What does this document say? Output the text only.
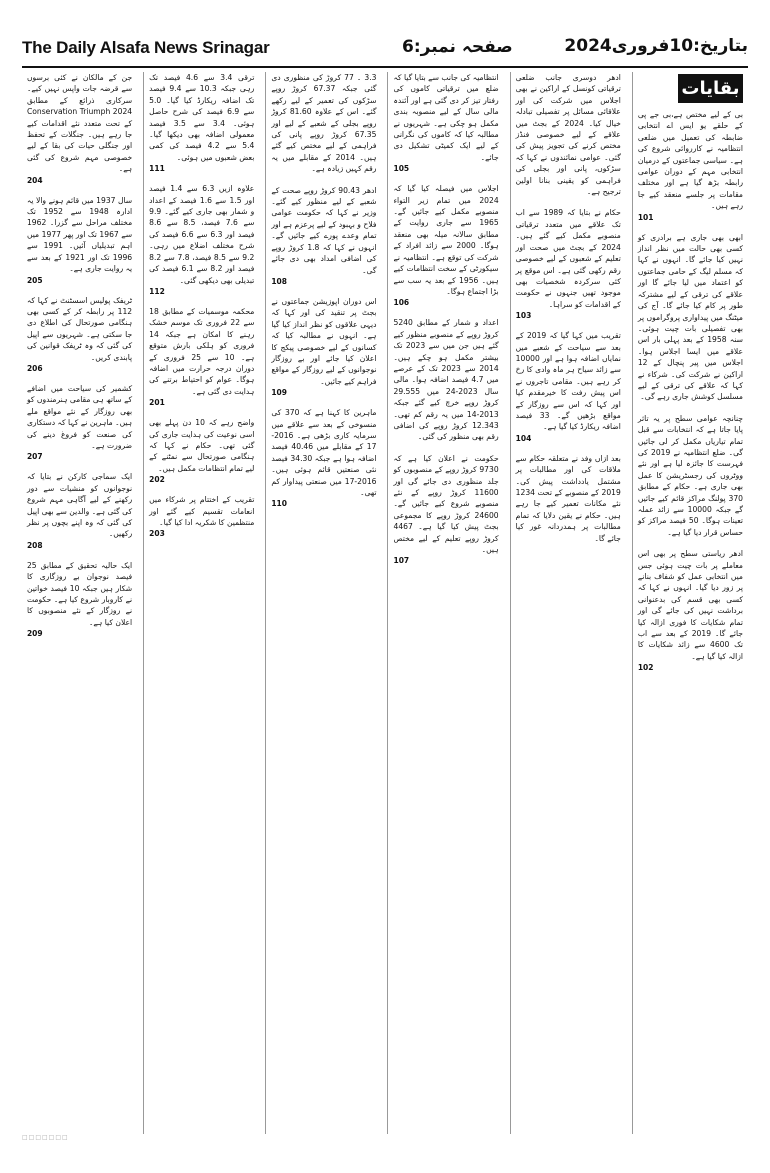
The Daily Alsafa News Srinagar	صفحہ نمبر:6	بتاریخ:10فروری2024
بقایات
بی کے لیے مختص ہے،بی جے پی کے حلقے یو ایس اے انتخابی ضابطہ کی تعمیل میں ضلعی انتظامیہ نے کارروائی شروع کی ہے۔ سیاسی جماعتوں کے درمیان انتخابی مہم کے دوران عوامی رابطہ بڑھ گیا ہے اور مختلف مقامات پر جلسے منعقد کیے جا رہے ہیں۔
101
ابھی بھی جاری ہے برادری کو کسی بھی حالت میں نظر انداز نہیں کیا جائے گا۔ انہوں نے کہا کہ مسلم لیگ کے حامی جماعتوں کو اعتماد میں لیا جائے گا اور علاقے کی ترقی کے لیے مشترکہ طور پر کام کیا جائے گا۔ آج کی میٹنگ میں پیداواری پروگراموں پر بھی تفصیلی بات چیت ہوئی۔ سنہ 1958 کے بعد پہلی بار اس علاقے میں ایسا اجلاس ہوا۔ اجلاس میں پیر پنچال کے 12 اراکین نے شرکت کی۔ شرکاء نے کہا کہ علاقے کی ترقی کے لیے مسلسل کوشش جاری رہے گی۔
چنانچہ عوامی سطح پر یہ تاثر پایا جاتا ہے کہ انتخابات سے قبل تمام تیاریاں مکمل کر لی جائیں گی۔ ضلع انتظامیہ نے 2019 کی فہرست کا جائزہ لیا ہے اور نئے ووٹروں کی رجسٹریشن کا عمل بھی جاری ہے۔ حکام کے مطابق 370 پولنگ مراکز قائم کیے جائیں گے جبکہ 10000 سے زائد عملہ تعینات ہوگا۔ 50 فیصد مراکز کو حساس قرار دیا گیا ہے۔
ادھر ریاستی سطح پر بھی اس معاملے پر بات چیت ہوئی جس میں انتخابی عمل کو شفاف بنانے پر زور دیا گیا۔ انہوں نے کہا کہ کسی بھی قسم کی بدعنوانی برداشت نہیں کی جائے گی اور تمام شکایات کا فوری ازالہ کیا جائے گا۔ 2019 کے بعد سے اب تک 4600 سے زائد شکایات کا ازالہ کیا گیا ہے۔
102
ادھر دوسری جانب ضلعی ترقیاتی کونسل کے اراکین نے بھی اجلاس میں شرکت کی اور علاقائی مسائل پر تفصیلی تبادلہ خیال کیا۔ 2024 کے بجٹ میں علاقے کے لیے خصوصی فنڈز مختص کرنے کی تجویز پیش کی گئی۔ عوامی نمائندوں نے کہا کہ سڑکوں، پانی اور بجلی کی فراہمی کو یقینی بنانا اولین ترجیح ہے۔
حکام نے بتایا کہ 1989 سے اب تک علاقے میں متعدد ترقیاتی منصوبے مکمل کیے گئے ہیں۔ 2024 کے بجٹ میں صحت اور تعلیم کے شعبوں کے لیے خصوصی رقم رکھی گئی ہے۔ اس موقع پر کئی سرکردہ شخصیات بھی موجود تھیں جنہوں نے حکومت کے اقدامات کو سراہا۔
103
تقریب میں کہا گیا کہ 2019 کے بعد سے سیاحت کے شعبے میں نمایاں اضافہ ہوا ہے اور 10000 سے زائد سیاح ہر ماہ وادی کا رخ کر رہے ہیں۔ مقامی تاجروں نے اس پیش رفت کا خیرمقدم کیا اور کہا کہ اس سے روزگار کے مواقع بڑھیں گے۔ 33 فیصد اضافہ ریکارڈ کیا گیا ہے۔
104
بعد ازاں وفد نے متعلقہ حکام سے ملاقات کی اور مطالبات پر مشتمل یادداشت پیش کی۔ 2019 کے منصوبے کے تحت 1234 نئے مکانات تعمیر کیے جا رہے ہیں۔ حکام نے یقین دلایا کہ تمام مطالبات پر ہمدردانہ غور کیا جائے گا۔
انتظامیہ کی جانب سے بتایا گیا کہ ضلع میں ترقیاتی کاموں کی رفتار تیز کر دی گئی ہے اور آئندہ مالی سال کے لیے منصوبہ بندی مکمل ہو چکی ہے۔ شہریوں نے مطالبہ کیا کہ کاموں کی نگرانی کے لیے ایک کمیٹی تشکیل دی جائے۔
105
اجلاس میں فیصلہ کیا گیا کہ 2024 میں تمام زیر التواء منصوبے مکمل کیے جائیں گے۔ 1965 سے جاری روایت کے مطابق سالانہ میلہ بھی منعقد ہوگا۔ 2000 سے زائد افراد کے شرکت کی توقع ہے۔ انتظامیہ نے سیکورٹی کے سخت انتظامات کیے ہیں۔ 1956 کے بعد یہ سب سے بڑا اجتماع ہوگا۔
106
اعداد و شمار کے مطابق 5240 کروڑ روپے کے منصوبے منظور کیے گئے ہیں جن میں سے 2023 تک بیشتر مکمل ہو چکے ہیں۔ 2014 سے 2023 تک کے عرصے میں 4.7 فیصد اضافہ ہوا۔ مالی سال 2023-24 میں 29.555 کروڑ روپے خرچ کیے گئے جبکہ 2013-14 میں یہ رقم کم تھی۔ 12.343 کروڑ روپے کی اضافی رقم بھی منظور کی گئی۔
حکومت نے اعلان کیا ہے کہ 9730 کروڑ روپے کے منصوبوں کو جلد منظوری دی جائے گی اور 11600 کروڑ روپے کے نئے منصوبے شروع کیے جائیں گے۔ 24600 کروڑ روپے کا مجموعی بجٹ پیش کیا گیا ہے۔ 4467 کروڑ روپے تعلیم کے لیے مختص ہیں۔
107
3.3 ۔ 77 کروڑ کی منظوری دی گئی جبکہ 67.37 کروڑ روپے سڑکوں کی تعمیر کے لیے رکھے گئے۔ اس کے علاوہ 81.60 کروڑ روپے بجلی کے شعبے کے لیے اور 67.35 کروڑ روپے پانی کی فراہمی کے لیے مختص کیے گئے ہیں۔ 2014 کے مقابلے میں یہ رقم کہیں زیادہ ہے۔
ادھر 90.43 کروڑ روپے صحت کے شعبے کے لیے منظور کیے گئے۔ وزیر نے کہا کہ حکومت عوامی فلاح و بہبود کے لیے پرعزم ہے اور تمام وعدے پورے کیے جائیں گے۔ انہوں نے کہا کہ 1.8 کروڑ روپے کی اضافی امداد بھی دی جائے گی۔
108
اس دوران اپوزیشن جماعتوں نے بجٹ پر تنقید کی اور کہا کہ دیہی علاقوں کو نظر انداز کیا گیا ہے۔ انہوں نے مطالبہ کیا کہ کسانوں کے لیے خصوصی پیکج کا اعلان کیا جائے اور بے روزگار نوجوانوں کے لیے روزگار کے مواقع فراہم کیے جائیں۔
109
ماہرین کا کہنا ہے کہ 370 کی منسوخی کے بعد سے علاقے میں سرمایہ کاری بڑھی ہے۔ 2016-17 کے مقابلے میں 40.46 فیصد اضافہ ہوا ہے جبکہ 34.30 فیصد نئی صنعتیں قائم ہوئی ہیں۔ 2016-17 میں صنعتی پیداوار کم تھی۔
110
ترقی 3.4 سے 4.6 فیصد تک رہی جبکہ 10.3 سے 9.4 فیصد تک اضافہ ریکارڈ کیا گیا۔ 5.0 سے 6.9 فیصد کی شرح حاصل ہوئی۔ 3.4 سے 3.5 فیصد معمولی اضافہ بھی دیکھا گیا۔ 5.4 سے 4.2 فیصد کی کمی بعض شعبوں میں ہوئی۔
111
علاوہ ازیں 6.3 سے 1.4 فیصد اور 1.5 سے 1.6 فیصد کے اعداد و شمار بھی جاری کیے گئے۔ 9.9 سے 7.6 فیصد، 8.5 سے 8.6 فیصد اور 6.3 سے 6.6 فیصد کی شرح مختلف اضلاع میں رہی۔ 9.2 سے 8.5 فیصد، 7.8 سے 8.2 فیصد اور 8.2 سے 6.1 فیصد کی تبدیلی بھی دیکھی گئی۔
112
محکمہ موسمیات کے مطابق 18 سے 22 فروری تک موسم خشک رہنے کا امکان ہے جبکہ 14 فروری کو ہلکی بارش متوقع ہے۔ 10 سے 25 فروری کے دوران درجہ حرارت میں اضافہ ہوگا۔ عوام کو احتیاط برتنے کی ہدایت دی گئی ہے۔
201
واضح رہے کہ 10 دن پہلے بھی اسی نوعیت کی ہدایت جاری کی گئی تھی۔ حکام نے کہا کہ ہنگامی صورتحال سے نمٹنے کے لیے تمام انتظامات مکمل ہیں۔
202
تقریب کے اختتام پر شرکاء میں انعامات تقسیم کیے گئے اور منتظمین کا شکریہ ادا کیا گیا۔
203
جن کے مالکان نے کئی برسوں سے قرضہ جات واپس نہیں کیے۔ سرکاری ذرائع کے مطابق Conservation Triumph 2024 کے تحت متعدد نئے اقدامات کیے جا رہے ہیں۔ جنگلات کے تحفظ اور جنگلی حیات کی بقا کے لیے خصوصی مہم شروع کی گئی ہے۔
204
سال 1937 میں قائم ہونے والا یہ ادارہ 1948 سے 1952 تک مختلف مراحل سے گزرا۔ 1962 سے 1967 تک اور پھر 1977 میں اہم تبدیلیاں آئیں۔ 1991 سے 1996 تک اور 1921 کے بعد سے یہ روایت جاری ہے۔
205
ٹریفک پولیس اسسٹنٹ نے کہا کہ 112 پر رابطہ کر کے کسی بھی ہنگامی صورتحال کی اطلاع دی جا سکتی ہے۔ شہریوں سے اپیل کی گئی کہ وہ ٹریفک قوانین کی پابندی کریں۔
206
کشمیر کی سیاحت میں اضافے کے ساتھ ہی مقامی ہنرمندوں کو بھی روزگار کے نئے مواقع ملے ہیں۔ ماہرین نے کہا کہ دستکاری کی صنعت کو فروغ دینے کی ضرورت ہے۔
207
ایک سماجی کارکن نے بتایا کہ نوجوانوں کو منشیات سے دور رکھنے کے لیے آگاہی مہم شروع کی گئی ہے۔ والدین سے بھی اپیل کی گئی کہ وہ اپنے بچوں پر نظر رکھیں۔
208
ایک حالیہ تحقیق کے مطابق 25 فیصد نوجوان بے روزگاری کا شکار ہیں جبکہ 10 فیصد خواتین نے کاروبار شروع کیا ہے۔ حکومت نے روزگار کے نئے منصوبوں کا اعلان کیا ہے۔
209
□□□□□□□
